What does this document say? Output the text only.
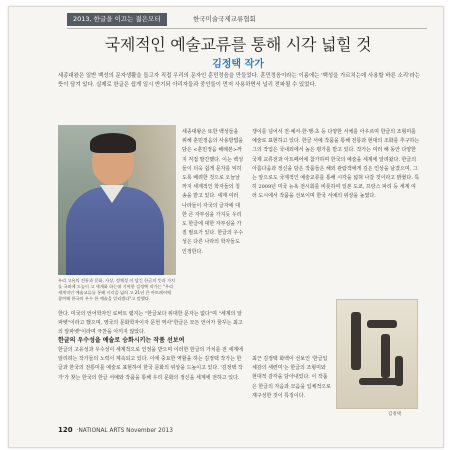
2013, 한글을 이끄는 젊은모터	한국미술국제교류협회
국제적인 예술교류를 통해 시각 넓힐 것
김정택 작가
세종대왕은 일반 백성의 문자생활을 돕고자 직접 우리의 문자인 훈민정음을 만들었다. 훈민정음이라는 이름에는 '백성을 가르치는데 사용할 바른 소리'라는 뜻이 담겨 있다. 실제로 한글은 쉽게 일시 반기되 아리자들과 중인들이 먼저 사용하면서 널리 전파될 수 있었다.
우리 고유의 전통과 문화, 사상, 정체성 이 담긴 한글의 뜻과 가치를 국외에 드높이 고 세계화 하는데 기여한 김정택 작가는 "우리 세계적인 예술교류를 통해 시각을 넓히 고 21년 큰 아트페어에 참여해 한국의 우수 한 예술을 알리겠다"고 말했다.
세종대왕은 또한 백성들을 위해 훈민정음의 사용방법을 담은 <훈민정음 해례본>까지 직접 발간했다. 이는 백성들이 더욱 쉽게 문자를 익히도록 배려한 것으로 오늘날까지 세계적인 학자들의 칭송을 받고 있다. 세계 여러 나라들이 자국의 글자에 대한 큰 자부심을 가지듯 우리도 한글에 대한 자부심을 가질 필요가 있다. 한글의 우수성은 다른 나라의 학자들도 인정한다.
한다. 미국의 언어학자인 로버트 램지는 "한글보다 위대한 문자는 없다"며 "세계의 알파벳"이라고 했으며, 영국의 문화학자이자 문헌 역사"한글은 모든 언어가 꿈꾸는 최고의 알파벳"이라며 극찬을 아끼지 않았다.
한글의 우수성을 예술로 승화시키는 작품 선보여
한글의 고유성과 우수성이 세계적으로 인정을 받으며 이러한 한글의 가치를 전 세계에 알리려는 작가들의 노력이 계속되고 있다. 이에 중요한 역할을 하는 김정택 작가는 한글과 한국의 전통미를 예술로 표현하여 한국 문화의 위상을 드높이고 있다. '김정택 작가'가 찾는 한국의 한글 서예와 작품을 통해 우리 문화의 정신을 세계에 전하고 있다.
갱이를 넘어서 전·예서·한·행·초 등 다양한 서체를 아우르며 한글의 조형미를 예술로 표현하고 있다. 한글 서예 작품을 통해 전통과 현대의 조화를 추구하는 그의 작업은 국내외에서 높은 평가를 받고 있다. 작가는 여러 해 동안 다양한 국제 교류전과 아트페어에 참가하며 한국의 예술을 세계에 알려왔다. 한글의 아름다움과 정신을 담은 작품들은 해외 관람객에게 깊은 인상을 남겼으며, 그는 앞으로도 국제적인 예술교류를 통해 시각을 넓혀 나갈 것이라고 밝혔다. 특히 2009년 미국 뉴욕 전시회를 비롯하여 일본 도쿄, 프랑스 파리 등 세계 여러 도시에서 작품을 선보이며 한국 서예의 위상을 높였다.
최근 김정택 화백이 선보인 '한글입체감의 세련미'는 한글의 조형미와 현대적 감각을 담아내었다. 이 작품은 한글의 자음과 모음을 입체적으로 재구성한 것이 특징이다.
김정택
120 ·NATIONAL ARTS November 2013
